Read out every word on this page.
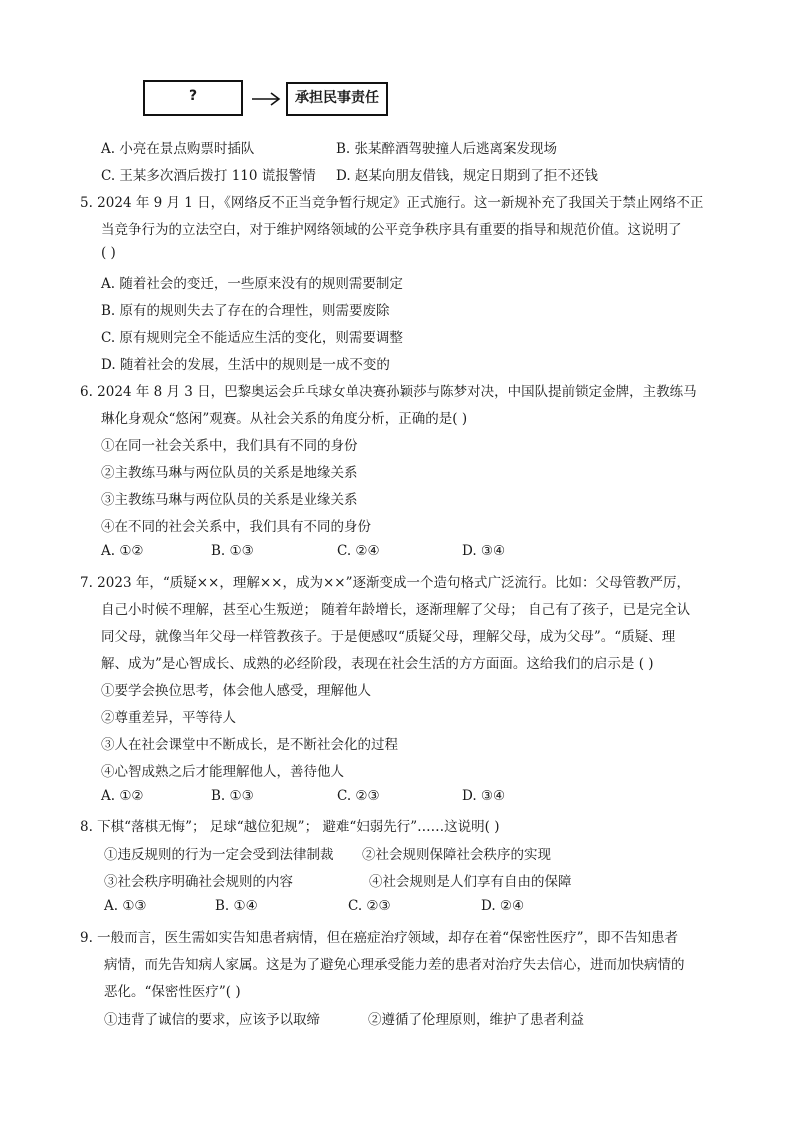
?	承担民事责任
A. 小亮在景点购票时插队	B. 张某醉酒驾驶撞人后逃离案发现场
C. 王某多次酒后拨打 110 谎报警情 D. 赵某向朋友借钱，规定日期到了拒不还钱
5. 2024 年 9 月 1 日，《网络反不正当竞争暂行规定》正式施行。这一新规补充了我国关于禁止网络不正
当竞争行为的立法空白，对于维护网络领域的公平竞争秩序具有重要的指导和规范价值。这说明了
( )
A. 随着社会的变迁，一些原来没有的规则需要制定
B. 原有的规则失去了存在的合理性，则需要废除
C. 原有规则完全不能适应生活的变化，则需要调整
D. 随着社会的发展，生活中的规则是一成不变的
6. 2024 年 8 月 3 日，巴黎奥运会乒乓球女单决赛孙颖莎与陈梦对决，中国队提前锁定金牌，主教练马
琳化身观众“悠闲”观赛。从社会关系的角度分析，正确的是( )
①在同一社会关系中，我们具有不同的身份
②主教练马琳与两位队员的关系是地缘关系
③主教练马琳与两位队员的关系是业缘关系
④在不同的社会关系中，我们具有不同的身份
A. ①②	B. ①③	C. ②④	D. ③④
7. 2023 年，“质疑××，理解××，成为××”逐渐变成一个造句格式广泛流行。比如：父母管教严厉，
自己小时候不理解，甚至心生叛逆； 随着年龄增长，逐渐理解了父母； 自己有了孩子，已是完全认
同父母，就像当年父母一样管教孩子。于是便感叹“质疑父母，理解父母，成为父母”。“质疑、理
解、成为”是心智成长、成熟的必经阶段，表现在社会生活的方方面面。这给我们的启示是 ( )
①要学会换位思考，体会他人感受，理解他人
②尊重差异，平等待人
③人在社会课堂中不断成长，是不断社会化的过程
④心智成熟之后才能理解他人，善待他人
A. ①②	B. ①③	C. ②③	D. ③④
8. 下棋“落棋无悔”； 足球“越位犯规”； 避难“妇弱先行”……这说明( )
①违反规则的行为一定会受到法律制裁 ②社会规则保障社会秩序的实现
③社会秩序明确社会规则的内容	④社会规则是人们享有自由的保障
A. ①③	B. ①④	C. ②③	D. ②④
9. 一般而言，医生需如实告知患者病情，但在癌症治疗领域，却存在着“保密性医疗”，即不告知患者
病情，而先告知病人家属。这是为了避免心理承受能力差的患者对治疗失去信心，进而加快病情的
恶化。“保密性医疗”( )
①违背了诚信的要求，应该予以取缔	②遵循了伦理原则，维护了患者利益
